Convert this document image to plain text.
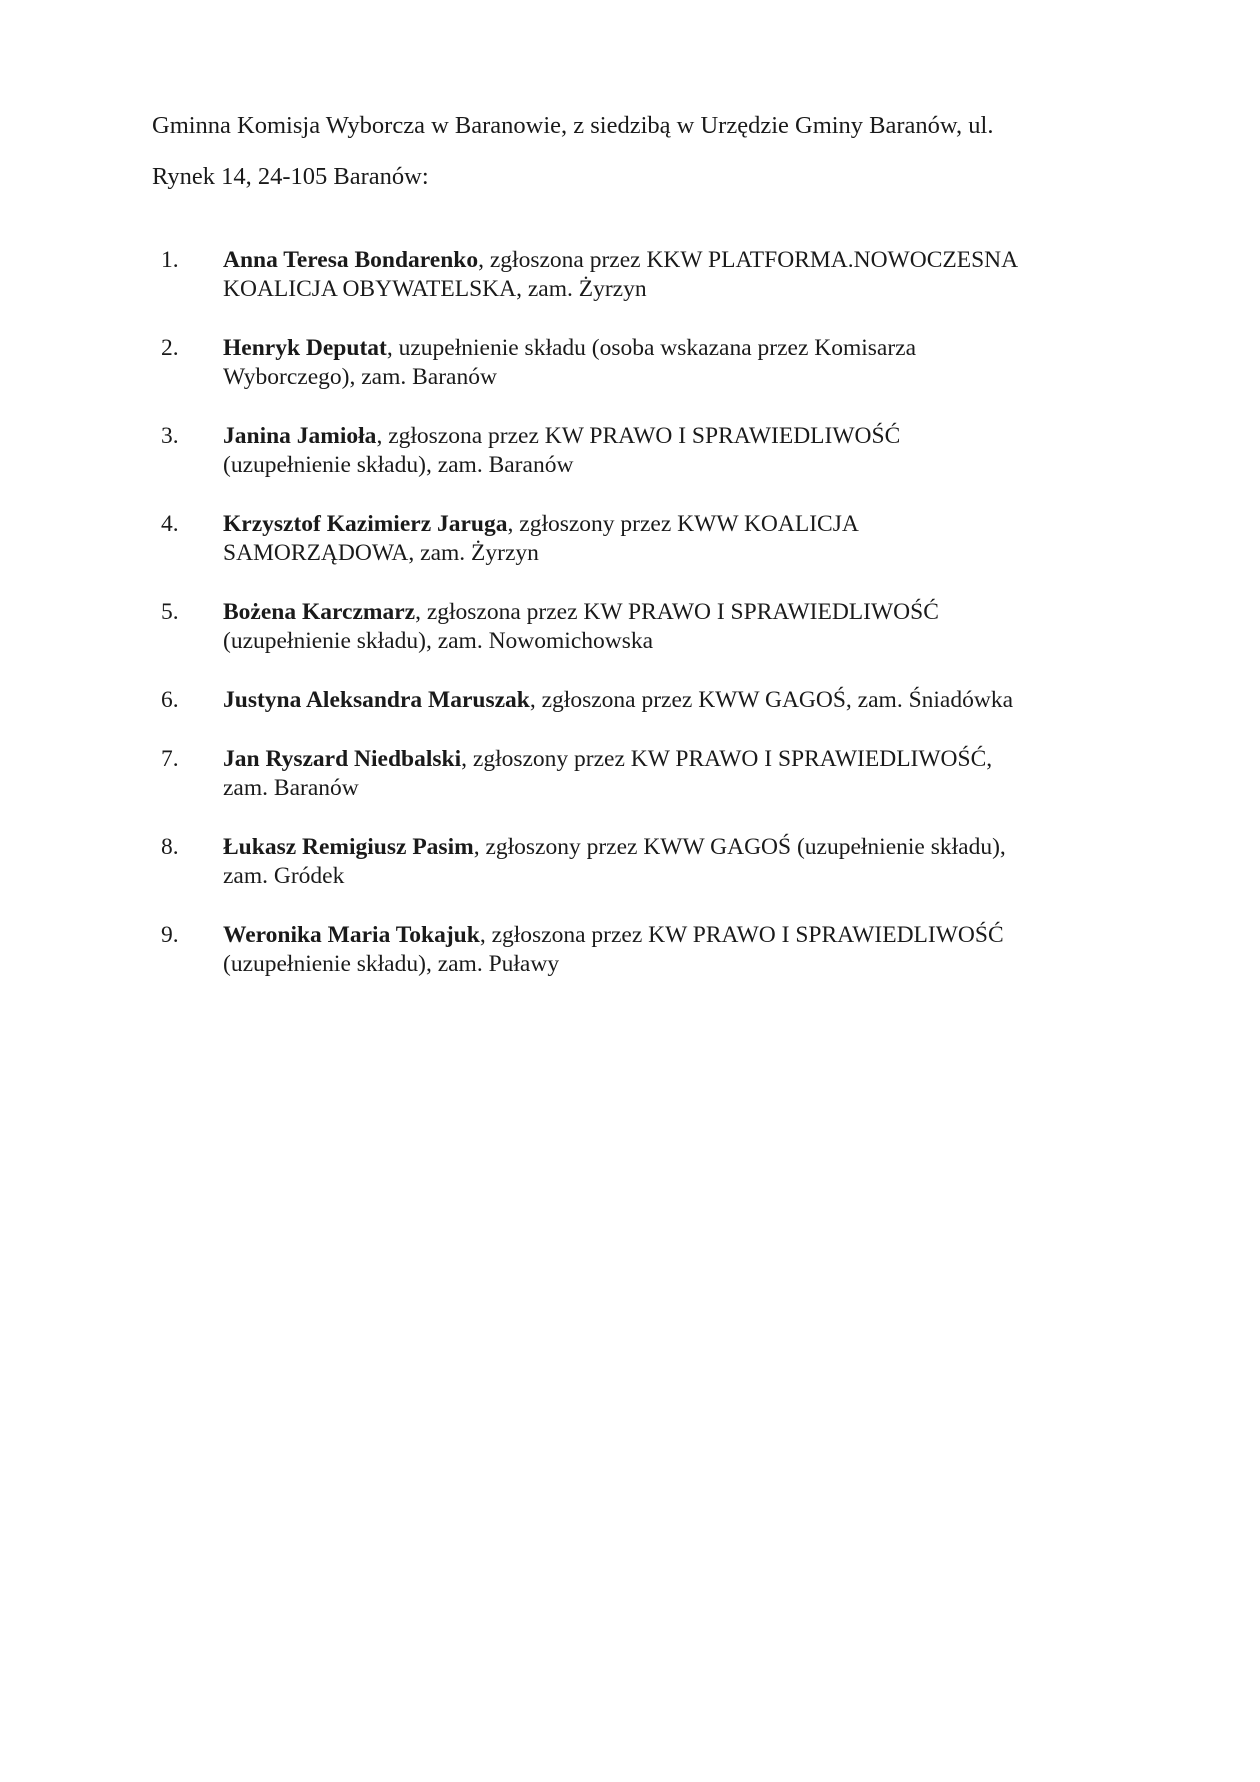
Gminna Komisja Wyborcza w Baranowie, z siedzibą w Urzędzie Gminy Baranów, ul.
Rynek 14, 24-105 Baranów:

1. Anna Teresa Bondarenko, zgłoszona przez KKW PLATFORMA.NOWOCZESNA
KOALICJA OBYWATELSKA, zam. Żyrzyn
2. Henryk Deputat, uzupełnienie składu (osoba wskazana przez Komisarza
Wyborczego), zam. Baranów
3. Janina Jamioła, zgłoszona przez KW PRAWO I SPRAWIEDLIWOŚĆ
(uzupełnienie składu), zam. Baranów
4. Krzysztof Kazimierz Jaruga, zgłoszony przez KWW KOALICJA
SAMORZĄDOWA, zam. Żyrzyn
5. Bożena Karczmarz, zgłoszona przez KW PRAWO I SPRAWIEDLIWOŚĆ
(uzupełnienie składu), zam. Nowomichowska
6. Justyna Aleksandra Maruszak, zgłoszona przez KWW GAGOŚ, zam. Śniadówka
7. Jan Ryszard Niedbalski, zgłoszony przez KW PRAWO I SPRAWIEDLIWOŚĆ,
zam. Baranów
8. Łukasz Remigiusz Pasim, zgłoszony przez KWW GAGOŚ (uzupełnienie składu),
zam. Gródek
9. Weronika Maria Tokajuk, zgłoszona przez KW PRAWO I SPRAWIEDLIWOŚĆ
(uzupełnienie składu), zam. Puławy
